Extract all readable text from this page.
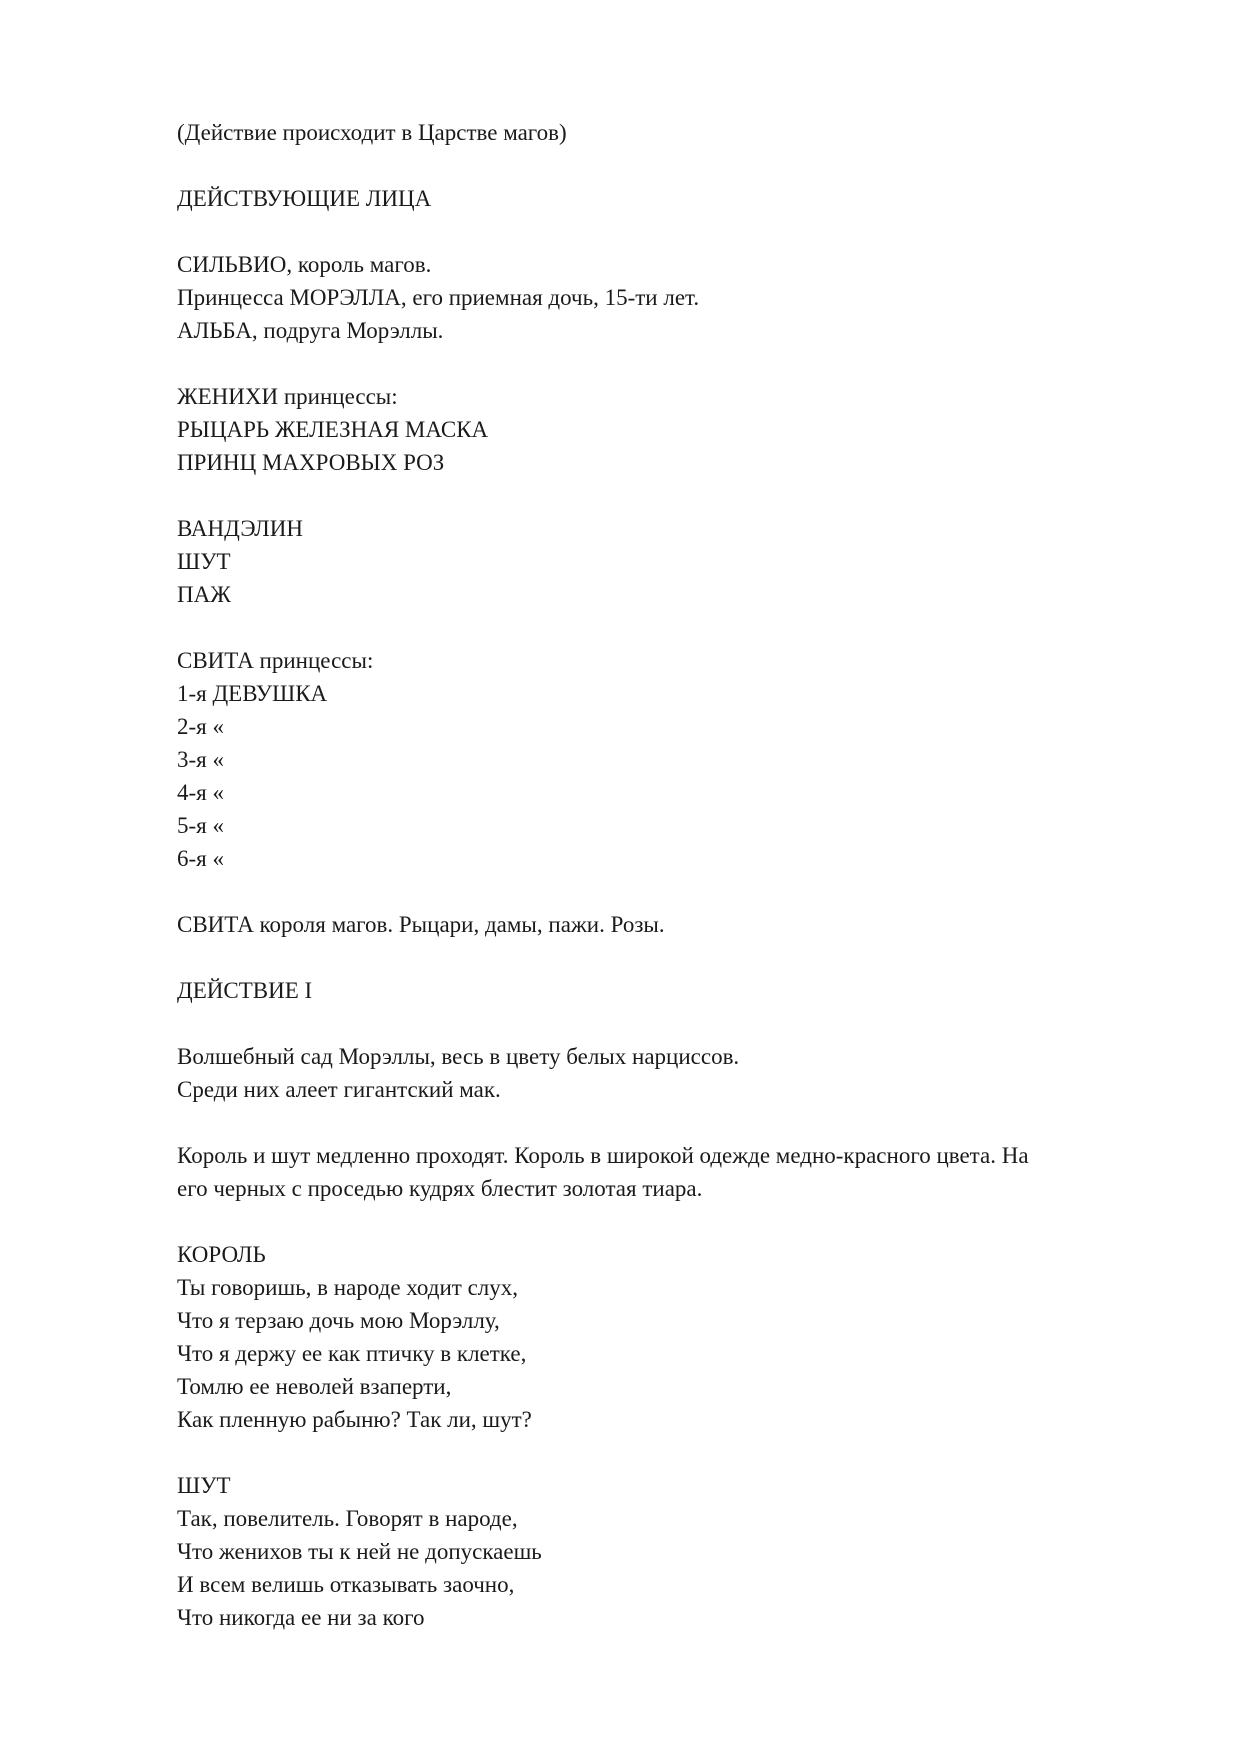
(Действие происходит в Царстве магов)
ДЕЙСТВУЮЩИЕ ЛИЦА
СИЛЬВИО, король магов.
Принцесса МОРЭЛЛА, его приемная дочь, 15-ти лет.
АЛЬБА, подруга Морэллы.
ЖЕНИХИ принцессы:
РЫЦАРЬ ЖЕЛЕЗНАЯ МАСКА
ПРИНЦ МАХРОВЫХ РОЗ
ВАНДЭЛИН
ШУТ
ПАЖ
СВИТА принцессы:
1-я ДЕВУШКА
2-я «
3-я «
4-я «
5-я «
6-я «
СВИТА короля магов. Рыцари, дамы, пажи. Розы.
ДЕЙСТВИЕ I
Волшебный сад Морэллы, весь в цвету белых нарциссов.
Среди них алеет гигантский мак.
Король и шут медленно проходят. Король в широкой одежде медно-красного цвета. На
его черных с проседью кудрях блестит золотая тиара.
КОРОЛЬ
Ты говоришь, в народе ходит слух,
Что я терзаю дочь мою Морэллу,
Что я держу ее как птичку в клетке,
Томлю ее неволей взаперти,
Как пленную рабыню? Так ли, шут?
ШУТ
Так, повелитель. Говорят в народе,
Что женихов ты к ней не допускаешь
И всем велишь отказывать заочно,
Что никогда ее ни за кого
